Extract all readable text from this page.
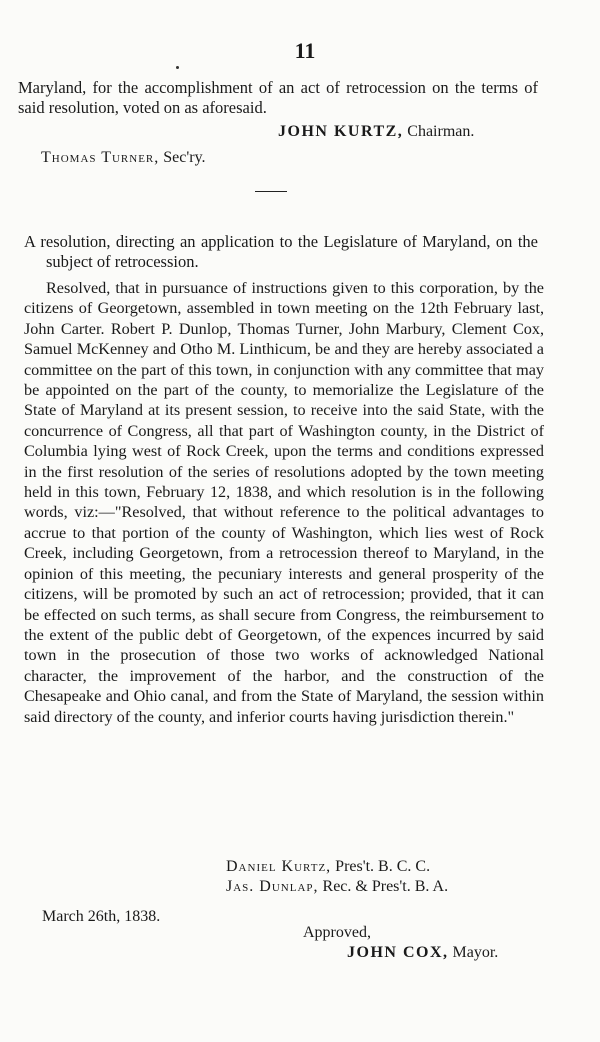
11
Maryland, for the accomplishment of an act of retrocession on the terms of said resolution, voted on as aforesaid.
JOHN KURTZ, Chairman.
Thomas Turner, Sec'ry.
A resolution, directing an application to the Legislature of Maryland, on the subject of retrocession.
Resolved, that in pursuance of instructions given to this corporation, by the citizens of Georgetown, assembled in town meeting on the 12th February last, John Carter. Robert P. Dunlop, Thomas Turner, John Marbury, Clement Cox, Samuel McKenney and Otho M. Linthicum, be and they are hereby associated a committee on the part of this town, in conjunction with any committee that may be appointed on the part of the county, to memorialize the Legislature of the State of Maryland at its present session, to receive into the said State, with the concurrence of Congress, all that part of Washington county, in the District of Columbia lying west of Rock Creek, upon the terms and conditions expressed in the first resolution of the series of resolutions adopted by the town meeting held in this town, February 12, 1838, and which resolution is in the following words, viz:—"Resolved, that without reference to the political advantages to accrue to that portion of the county of Washington, which lies west of Rock Creek, including Georgetown, from a retrocession thereof to Maryland, in the opinion of this meeting, the pecuniary interests and general prosperity of the citizens, will be promoted by such an act of retrocession; provided, that it can be effected on such terms, as shall secure from Congress, the reimbursement to the extent of the public debt of Georgetown, of the expences incurred by said town in the prosecution of those two works of acknowledged National character, the improvement of the harbor, and the construction of the Chesapeake and Ohio canal, and from the State of Maryland, the session within said directory of the county, and inferior courts having jurisdiction therein."
Daniel Kurtz, Pres't. B. C. C.
Jas. Dunlap, Rec. & Pres't. B. A.
March 26th, 1838.
Approved,
JOHN COX, Mayor.
